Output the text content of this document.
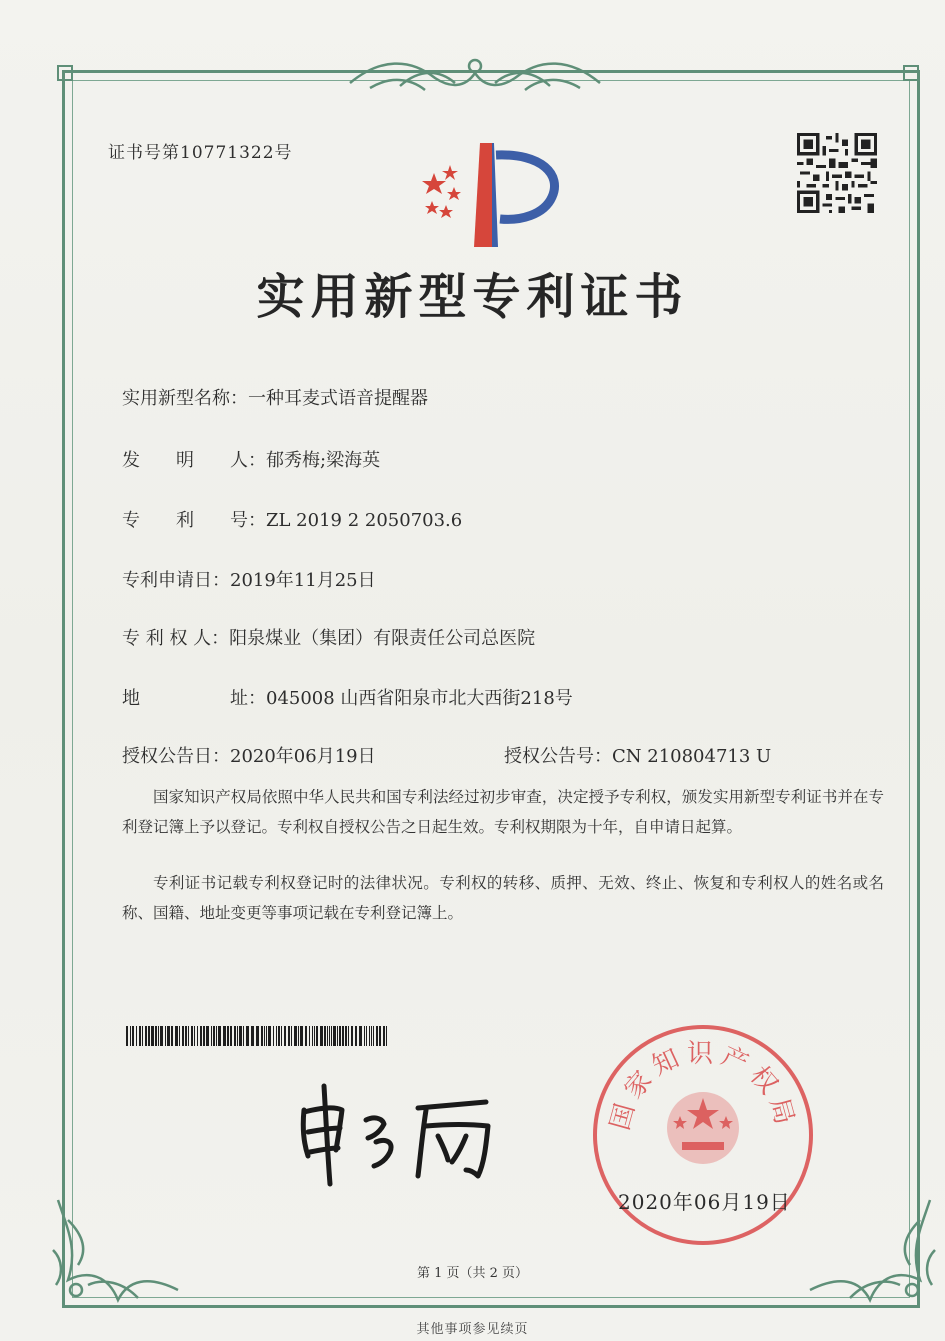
证书号第10771322号
实用新型专利证书
实用新型名称：一种耳麦式语音提醒器
发　　明　　人：郁秀梅;梁海英
专　　利　　号：ZL 2019 2 2050703.6
专利申请日：2019年11月25日
专 利 权 人：阳泉煤业（集团）有限责任公司总医院
地　　　　　址：045008 山西省阳泉市北大西街218号
授权公告日：2020年06月19日	授权公告号：CN 210804713 U
国家知识产权局依照中华人民共和国专利法经过初步审查，决定授予专利权，颁发实用新型专利证书并在专利登记簿上予以登记。专利权自授权公告之日起生效。专利权期限为十年，自申请日起算。
专利证书记载专利权登记时的法律状况。专利权的转移、质押、无效、终止、恢复和专利权人的姓名或名称、国籍、地址变更等事项记载在专利登记簿上。
国家知识产权局
2020年06月19日
第 1 页（共 2 页）
其他事项参见续页
